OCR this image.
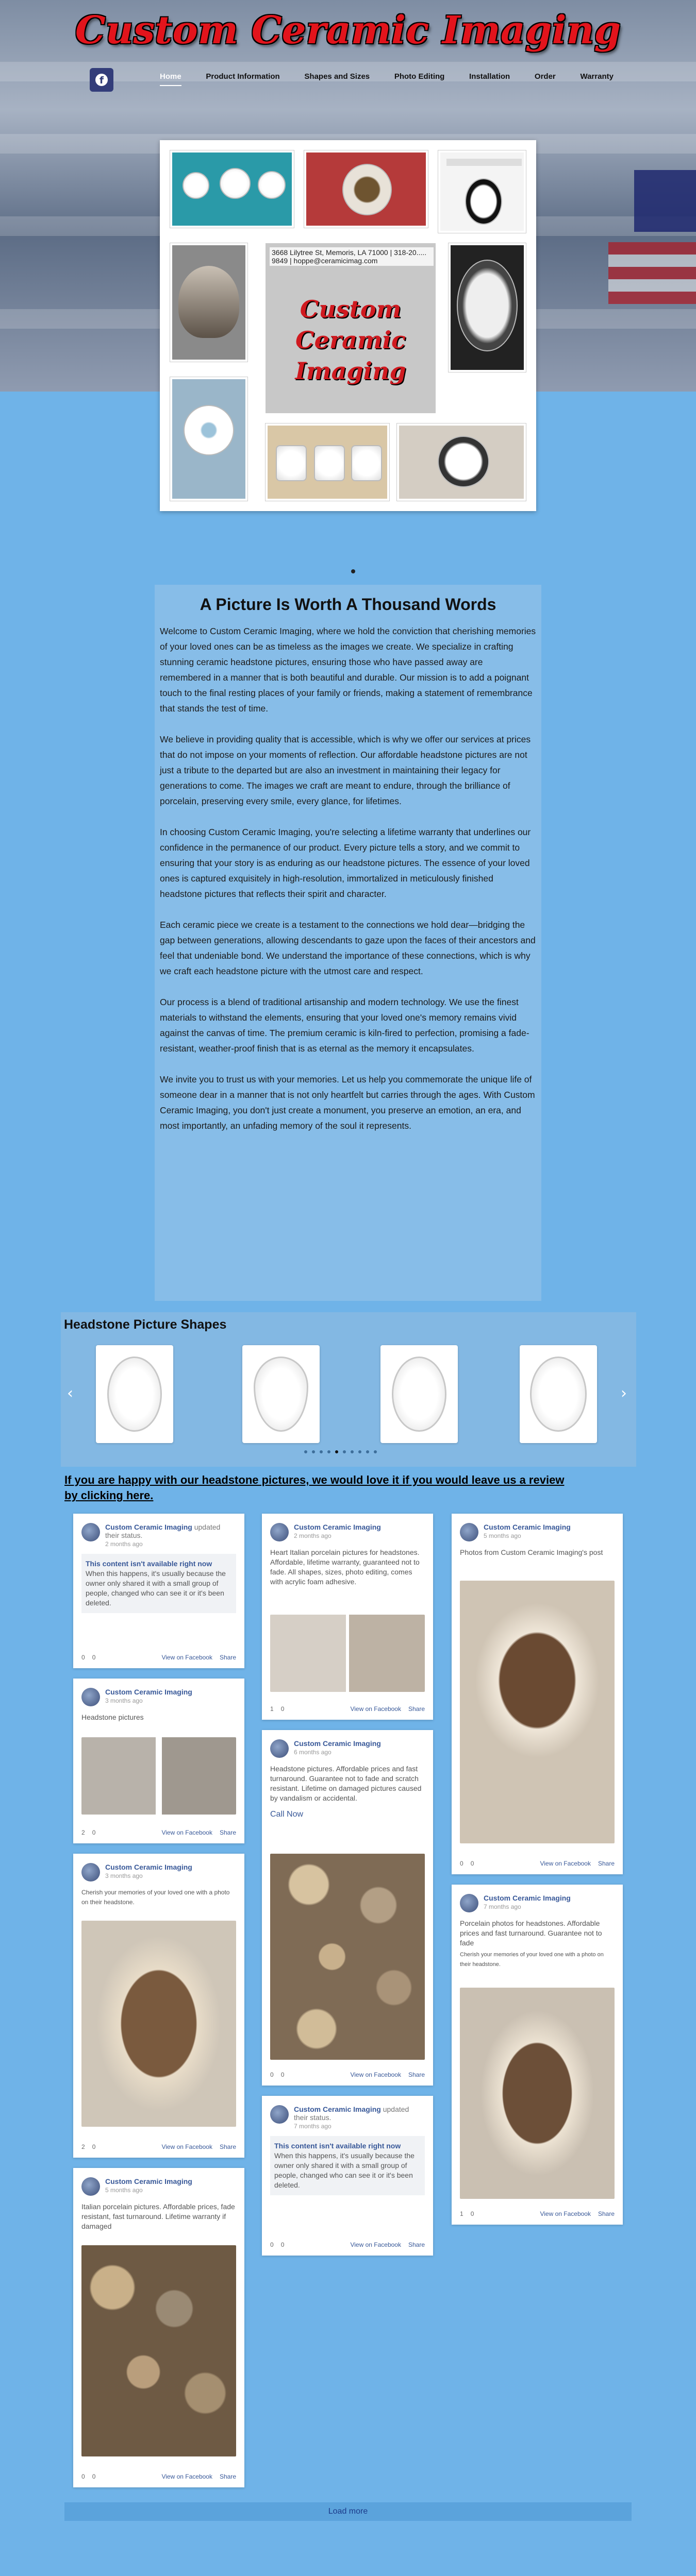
Custom Ceramic Imaging
f	Home	Product Information	Shapes and Sizes	Photo Editing	Installation	Order	Warranty
3668 Lilytree St, Memoris, LA 71000 | 318-20..... 9849 | hoppe@ceramicimag.com
Custom Ceramic Imaging
A Picture Is Worth A Thousand Words

Welcome to Custom Ceramic Imaging, where we hold the conviction that cherishing memories of your loved ones can be as timeless as the images we create. We specialize in crafting stunning ceramic headstone pictures, ensuring those who have passed away are remembered in a manner that is both beautiful and durable. Our mission is to add a poignant touch to the final resting places of your family or friends, making a statement of remembrance that stands the test of time.

We believe in providing quality that is accessible, which is why we offer our services at prices that do not impose on your moments of reflection. Our affordable headstone pictures are not just a tribute to the departed but are also an investment in maintaining their legacy for generations to come. The images we craft are meant to endure, through the brilliance of porcelain, preserving every smile, every glance, for lifetimes.

In choosing Custom Ceramic Imaging, you're selecting a lifetime warranty that underlines our confidence in the permanence of our product. Every picture tells a story, and we commit to ensuring that your story is as enduring as our headstone pictures. The essence of your loved ones is captured exquisitely in high-resolution, immortalized in meticulously finished headstone pictures that reflects their spirit and character.

Each ceramic piece we create is a testament to the connections we hold dear—bridging the gap between generations, allowing descendants to gaze upon the faces of their ancestors and feel that undeniable bond. We understand the importance of these connections, which is why we craft each headstone picture with the utmost care and respect.

Our process is a blend of traditional artisanship and modern technology. We use the finest materials to withstand the elements, ensuring that your loved one's memory remains vivid against the canvas of time. The premium ceramic is kiln-fired to perfection, promising a fade-resistant, weather-proof finish that is as eternal as the memory it encapsulates.

We invite you to trust us with your memories. Let us help you commemorate the unique life of someone dear in a manner that is not only heartfelt but carries through the ages. With Custom Ceramic Imaging, you don't just create a monument, you preserve an emotion, an era, and most importantly, an unfading memory of the soul it represents.

Headstone Picture Shapes
‹	›
If you are happy with our headstone pictures, we would love it if you would leave us a review by clicking here.
Custom Ceramic Imaging updated their status.
2 months ago
This content isn't available right now
When this happens, it's usually because the owner only shared it with a small group of people, changed who can see it or it's been deleted.
0 0	View on Facebook Share
Custom Ceramic Imaging
3 months ago
Headstone pictures
2 0	View on Facebook Share
Custom Ceramic Imaging
3 months ago
Cherish your memories of your loved one with a photo on their headstone.
2 0	View on Facebook Share
Custom Ceramic Imaging
5 months ago
Italian porcelain pictures. Affordable prices, fade resistant, fast turnaround. Lifetime warranty if damaged
0 0	View on Facebook Share
Custom Ceramic Imaging
2 months ago
Heart Italian porcelain pictures for headstones. Affordable, lifetime warranty, guaranteed not to fade. All shapes, sizes, photo editing, comes with acrylic foam adhesive.
1 0	View on Facebook Share
Custom Ceramic Imaging
6 months ago
Headstone pictures. Affordable prices and fast turnaround. Guarantee not to fade and scratch resistant. Lifetime on damaged pictures caused by vandalism or accidental.
Call Now
0 0	View on Facebook Share
Custom Ceramic Imaging updated their status.
7 months ago
This content isn't available right now
When this happens, it's usually because the owner only shared it with a small group of people, changed who can see it or it's been deleted.
0 0	View on Facebook Share
Custom Ceramic Imaging
5 months ago
Photos from Custom Ceramic Imaging's post
0 0	View on Facebook Share
Custom Ceramic Imaging
7 months ago
Porcelain photos for headstones. Affordable prices and fast turnaround. Guarantee not to fade
Cherish your memories of your loved one with a photo on their headstone.
1 0	View on Facebook Share
Load more
